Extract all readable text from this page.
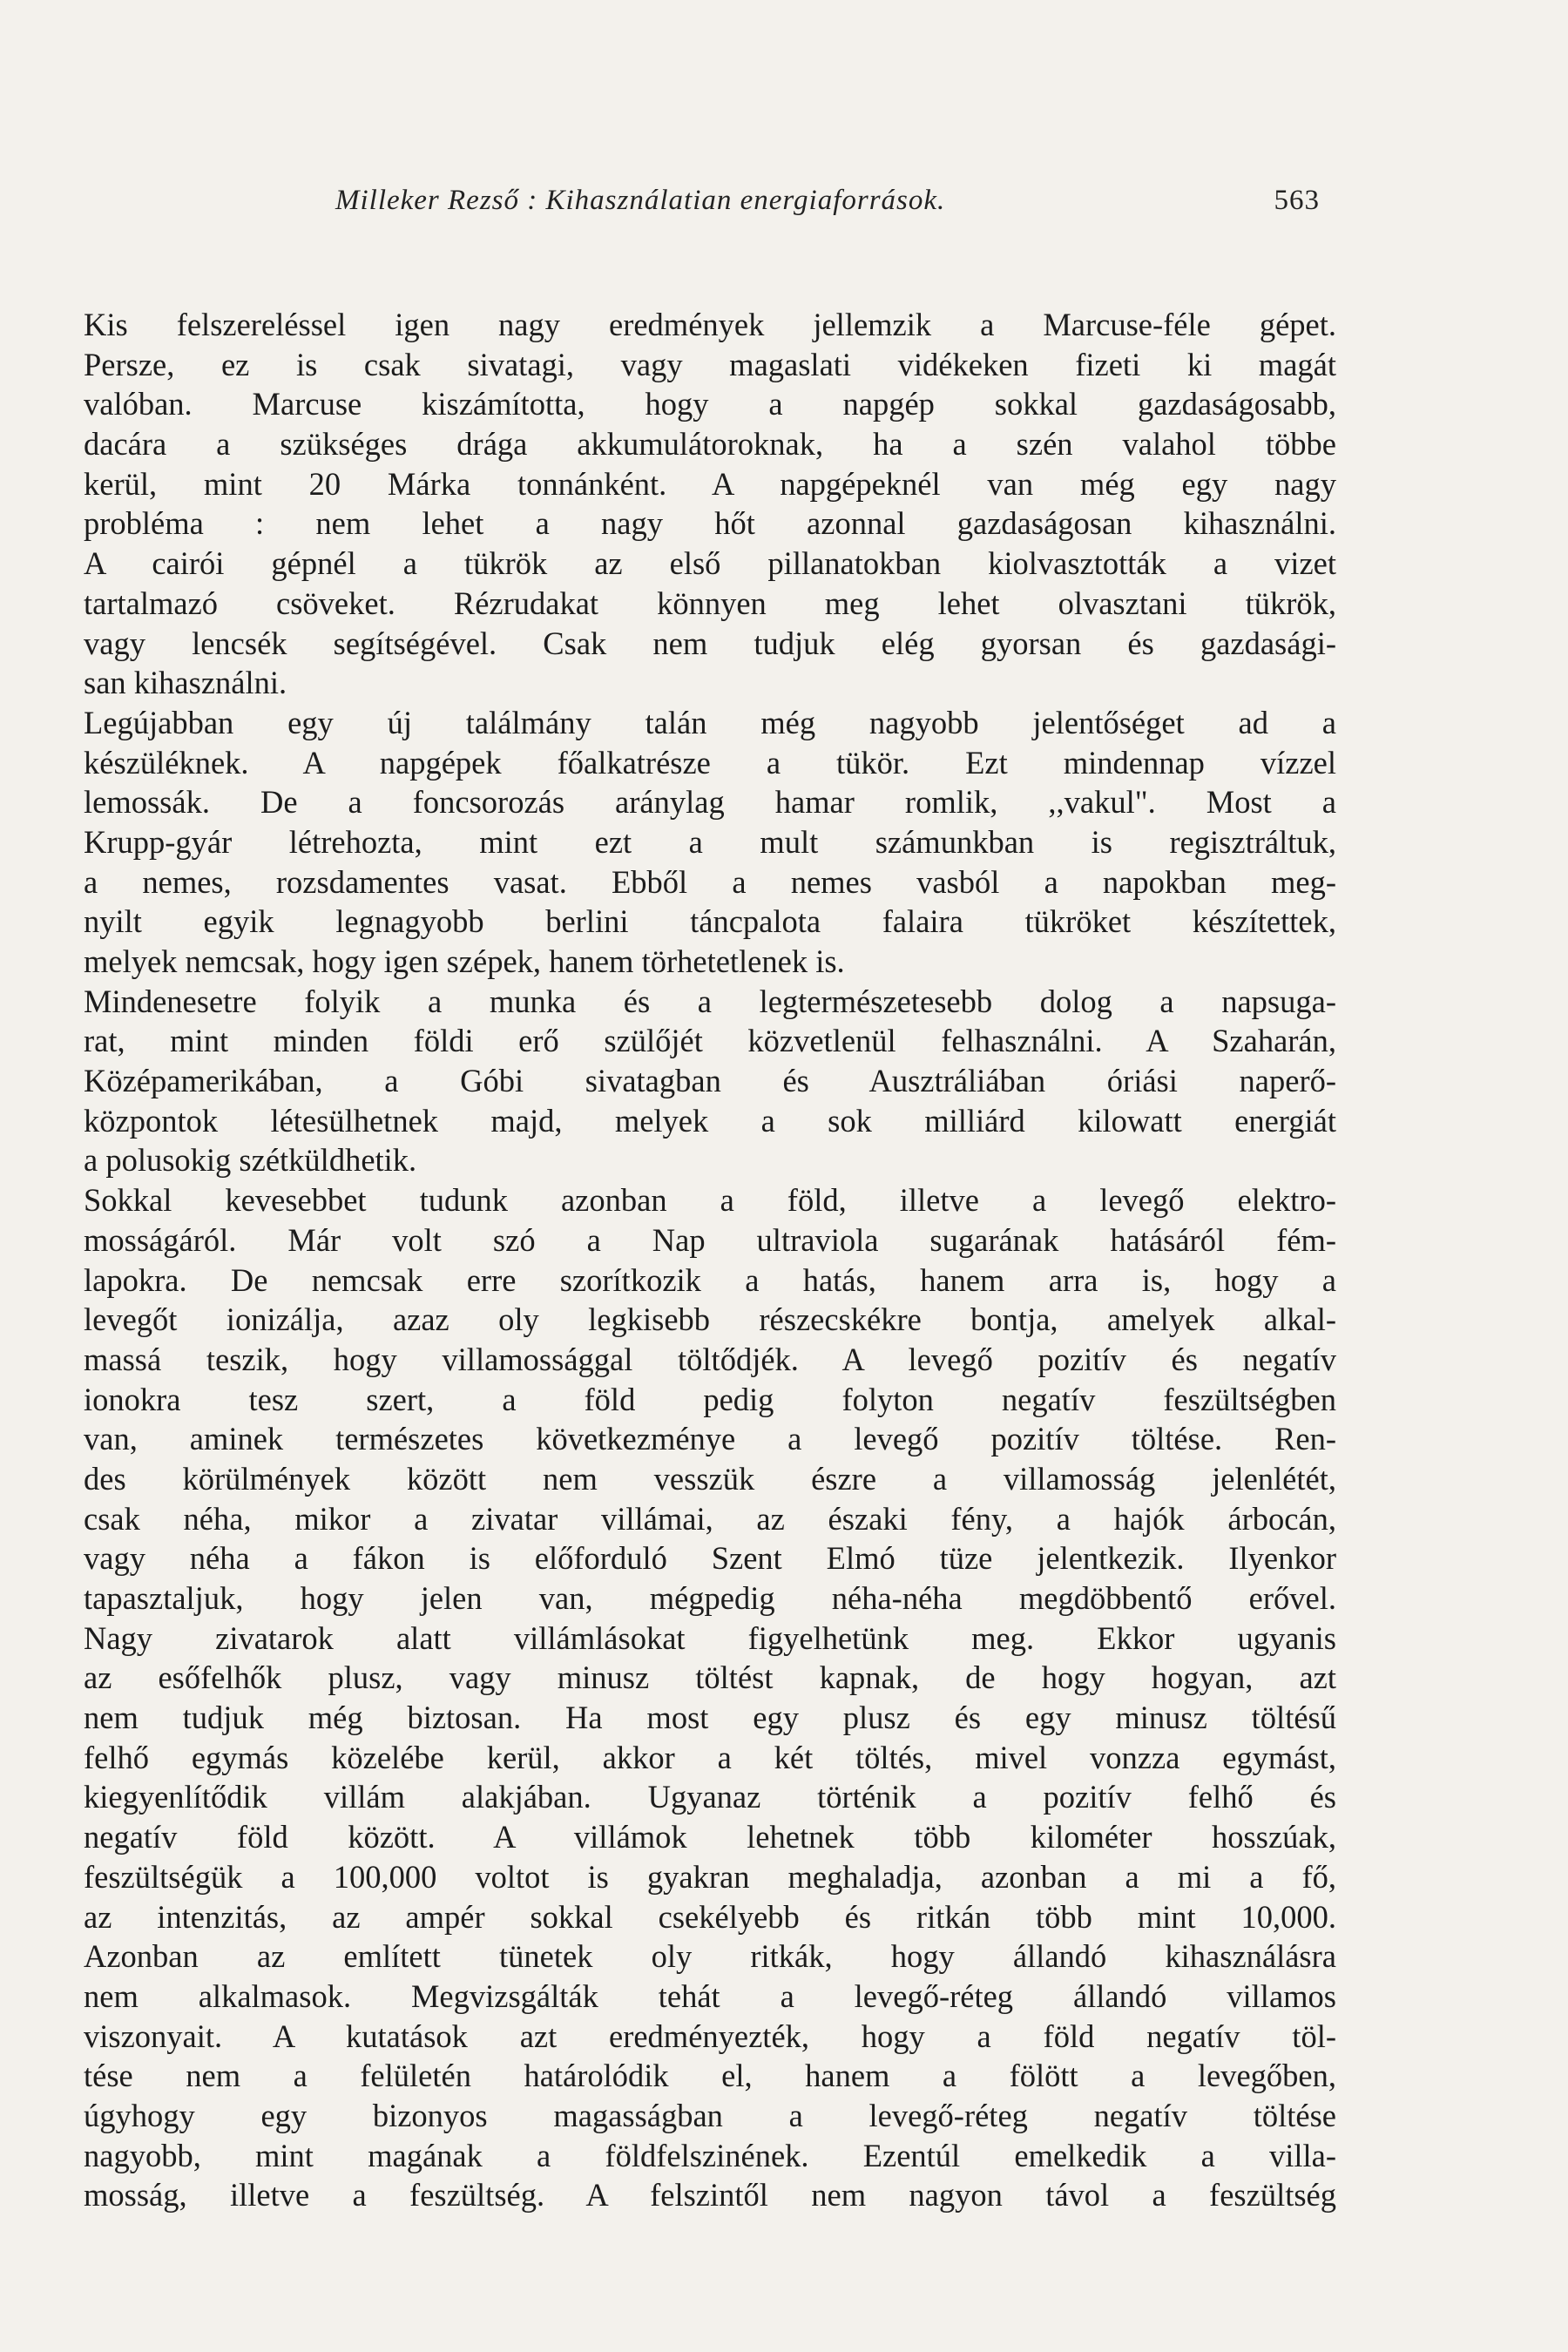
Milleker Rezső : Kihasználatian energiaforrások.	563
Kis felszereléssel igen nagy eredmények jellemzik a Marcuse-féle gépet.
Persze, ez is csak sivatagi, vagy magaslati vidékeken fizeti ki magát
valóban. Marcuse kiszámította, hogy a napgép sokkal gazdaságosabb,
dacára a szükséges drága akkumulátoroknak, ha a szén valahol többe
kerül, mint 20 Márka tonnánként. A napgépeknél van még egy nagy
probléma : nem lehet a nagy hőt azonnal gazdaságosan kihasználni.
A cairói gépnél a tükrök az első pillanatokban kiolvasztották a vizet
tartalmazó csöveket. Rézrudakat könnyen meg lehet olvasztani tükrök,
vagy lencsék segítségével. Csak nem tudjuk elég gyorsan és gazdasági-
san kihasználni.
Legújabban egy új találmány talán még nagyobb jelentőséget ad a
készüléknek. A napgépek főalkatrésze a tükör. Ezt mindennap vízzel
lemossák. De a foncsorozás aránylag hamar romlik, ,,vakul". Most a
Krupp-gyár létrehozta, mint ezt a mult számunkban is regisztráltuk,
a nemes, rozsdamentes vasat. Ebből a nemes vasból a napokban meg-
nyilt egyik legnagyobb berlini táncpalota falaira tükröket készítettek,
melyek nemcsak, hogy igen szépek, hanem törhetetlenek is.
Mindenesetre folyik a munka és a legtermészetesebb dolog a napsuga-
rat, mint minden földi erő szülőjét közvetlenül felhasználni. A Szaharán,
Középamerikában, a Góbi sivatagban és Ausztráliában óriási naperő-
központok létesülhetnek majd, melyek a sok milliárd kilowatt energiát
a polusokig szétküldhetik.
Sokkal kevesebbet tudunk azonban a föld, illetve a levegő elektro-
mosságáról. Már volt szó a Nap ultraviola sugarának hatásáról fém-
lapokra. De nemcsak erre szorítkozik a hatás, hanem arra is, hogy a
levegőt ionizálja, azaz oly legkisebb részecskékre bontja, amelyek alkal-
massá teszik, hogy villamossággal töltődjék. A levegő pozitív és negatív
ionokra tesz szert, a föld pedig folyton negatív feszültségben
van, aminek természetes következménye a levegő pozitív töltése. Ren-
des körülmények között nem vesszük észre a villamosság jelenlétét,
csak néha, mikor a zivatar villámai, az északi fény, a hajók árbocán,
vagy néha a fákon is előforduló Szent Elmó tüze jelentkezik. Ilyenkor
tapasztaljuk, hogy jelen van, mégpedig néha-néha megdöbbentő erővel.
Nagy zivatarok alatt villámlásokat figyelhetünk meg. Ekkor ugyanis
az esőfelhők plusz, vagy minusz töltést kapnak, de hogy hogyan, azt
nem tudjuk még biztosan. Ha most egy plusz és egy minusz töltésű
felhő egymás közelébe kerül, akkor a két töltés, mivel vonzza egymást,
kiegyenlítődik villám alakjában. Ugyanaz történik a pozitív felhő és
negatív föld között. A villámok lehetnek több kilométer hosszúak,
feszültségük a 100,000 voltot is gyakran meghaladja, azonban a mi a fő,
az intenzitás, az ampér sokkal csekélyebb és ritkán több mint 10,000.
Azonban az említett tünetek oly ritkák, hogy állandó kihasználásra
nem alkalmasok. Megvizsgálták tehát a levegő-réteg állandó villamos
viszonyait. A kutatások azt eredményezték, hogy a föld negatív töl-
tése nem a felületén határolódik el, hanem a fölött a levegőben,
úgyhogy egy bizonyos magasságban a levegő-réteg negatív töltése
nagyobb, mint magának a földfelszinének. Ezentúl emelkedik a villa-
mosság, illetve a feszültség. A felszintől nem nagyon távol a feszültség
